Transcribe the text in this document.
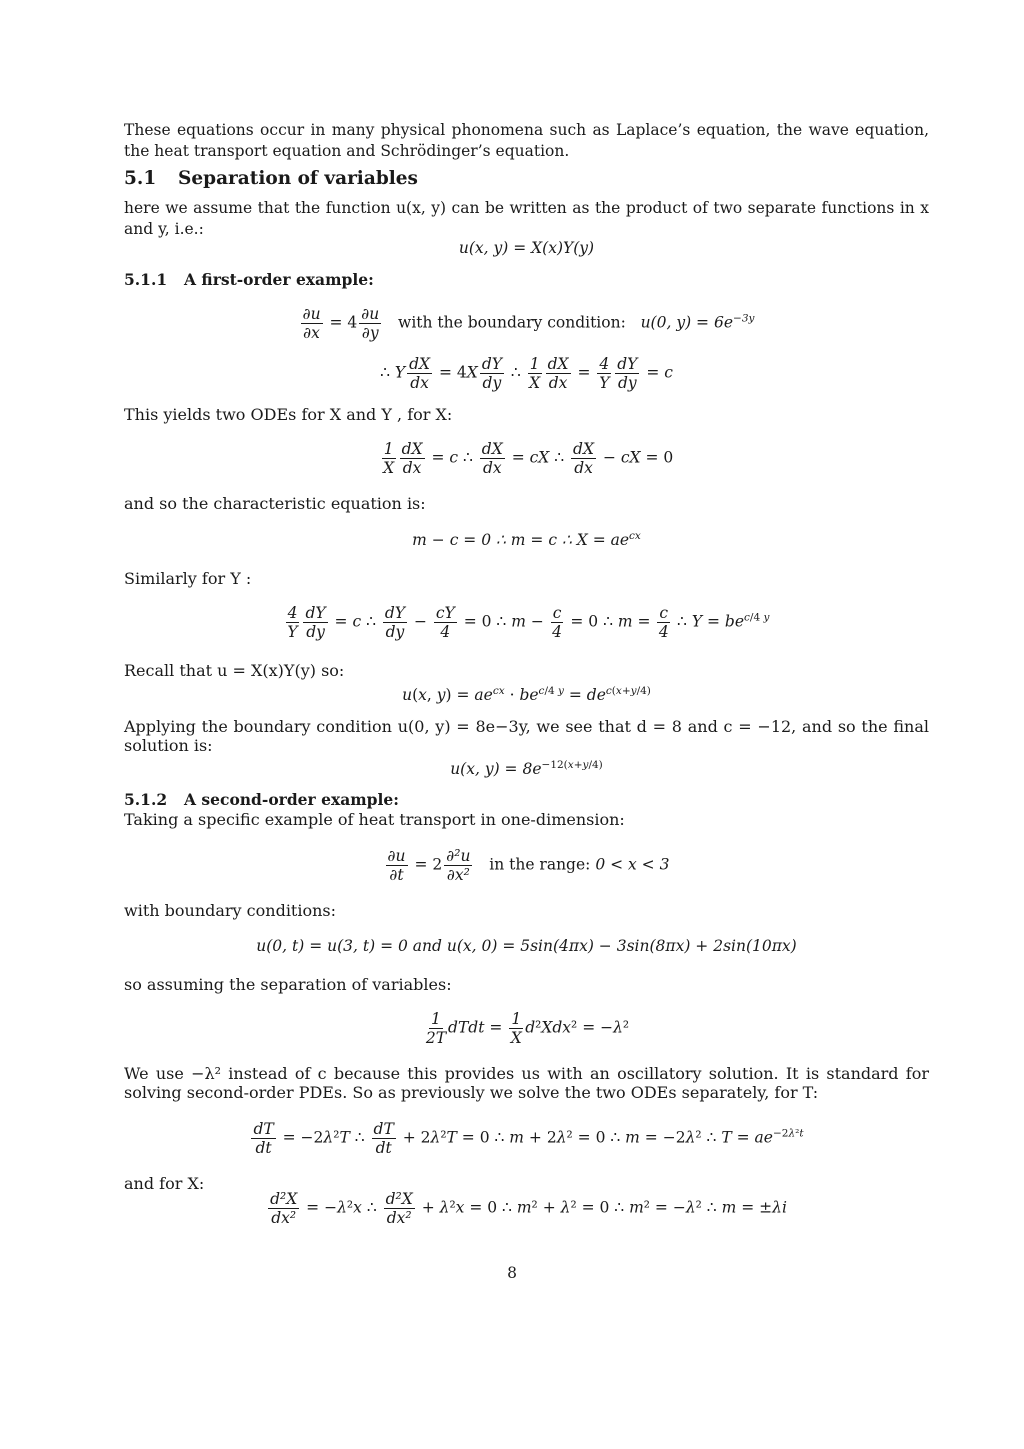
These equations occur in many physical phonomena such as Laplace’s equation, the wave equation, the heat transport equation and Schrödinger’s equation.

5.1 Separation of variables

here we assume that the function u(x, y) can be written as the product of two separate functions in x and y, i.e.:

u(x, y) = X(x)Y(y)
5.1.1 A first-order example:
$\frac{\partial u}{\partial x} = 4 \frac{\partial u}{\partial y}$ with the boundary condition: u(0, $y) = 6e^{-3y}$
∴ Y $\frac{dX}{dx} = 4X \frac{dY}{dy}$ ∴ $\frac{1}{X} \frac{dX}{dx} = \frac{4}{Y} \frac{dY}{dy} = c$

This yields two ODEs for X and Y , for X:

$\frac{1}{X} \frac{dX}{dx} = c$ ∴ $\frac{dX}{dx}$ = cX ∴ $\frac{dX}{dx}$ − cX = 0

and so the characteristic equation is:

m − c = 0 ∴ m = c ∴ $X = ae^{cx}$

Similarly for Y :

$\frac{4}{Y} \frac{dY}{dy} = c$ ∴ $\frac{dY}{dy} - \frac{cY}{4} = 0$ ∴ $m - \frac{c}{4} = 0$ ∴ $m = \frac{c}{4}$ ∴ $Y = be^{c/4 y}$

Recall that u = X(x)Y(y) so:

u(x, $y) = ae^{cx} \cdot be^{c/4 y} = de^{c(x+y/4)}$

Applying the boundary condition u(0, y) = 8e−3y, we see that d = 8 and c = −12, and so the final solution is:

u(x, $y) = 8e^{-12(x+y/4)}$
5.1.2 A second-order example:

Taking a specific example of heat transport in one-dimension:

$\frac{\partial u}{\partial t} = 2 \frac{\text{∂²u}}{\text{∂x²}}$ in the range: 0 < x < 3

with boundary conditions:

u(0, t) = u(3, t) = 0 and u(x, 0) = 5sin(4πx) − 3sin(8πx) + 2sin(10πx)

so assuming the separation of variables:

$\frac{1}{2T}$ dTdt = $\frac{1}{X} d^2Xdx^2 = -\lambda^2$

We use −λ² instead of c because this provides us with an oscillatory solution. It is standard for solving second-order PDEs. So as previously we solve the two ODEs separately, for T:

$\frac{dT}{dt} = -2\lambda^2T$ ∴ $\frac{dT}{dt} + 2\lambda^2T = 0$ ∴ m + 2λ² = 0 ∴ m = −2λ² ∴ $T = ae^{-2\lambda^2t}$

and for X:

$\frac{\text{d²X}}{\text{dx²}} = -\lambda^2x$ ∴ $\frac{\text{d²X}}{\text{dx²}} + \lambda^2x = 0$ ∴ m² + λ² = 0 ∴ m² = −λ² ∴ m = ±λi
8
